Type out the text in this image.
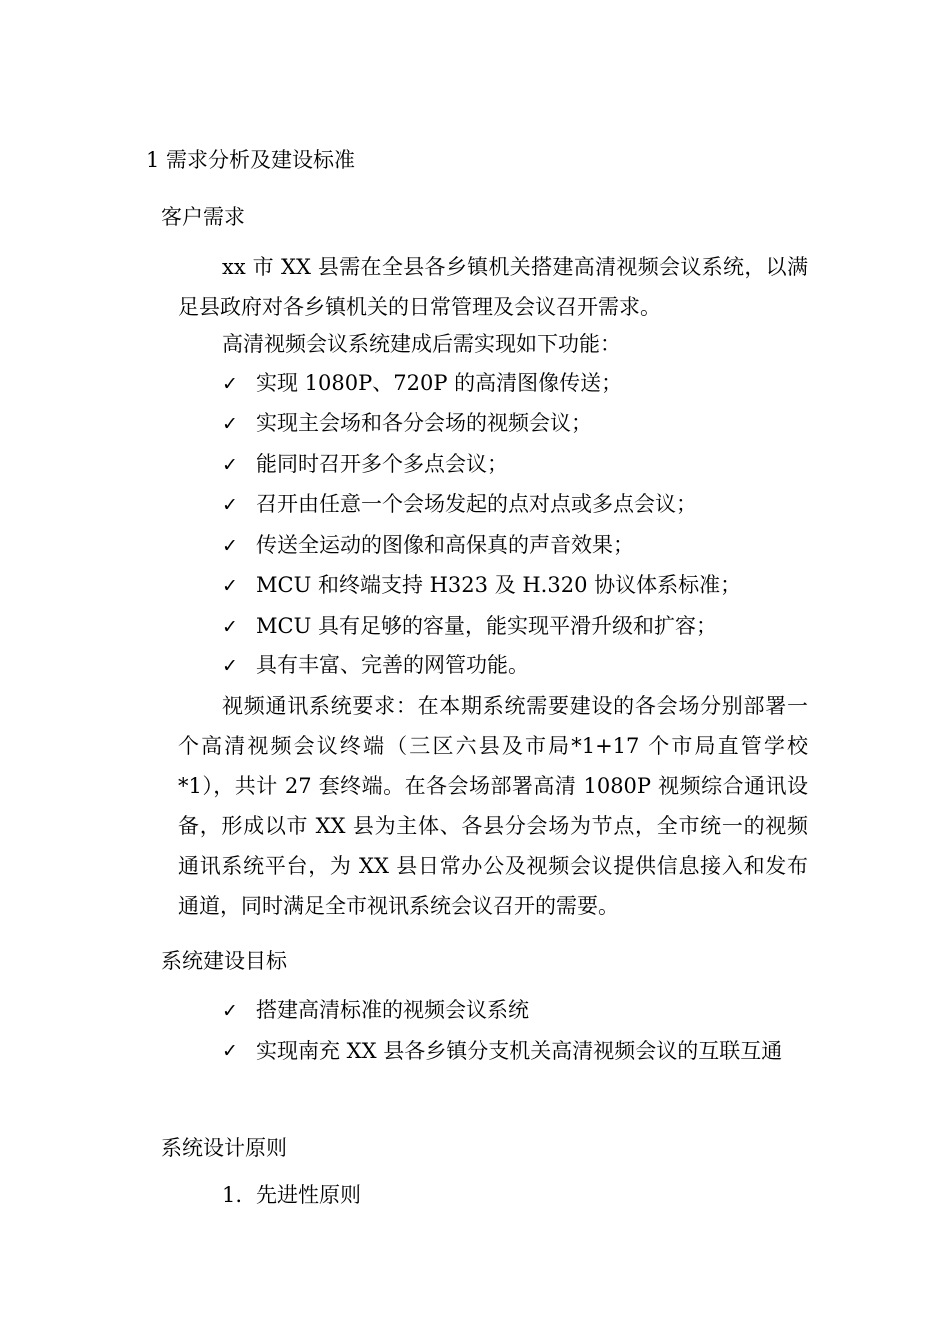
1 需求分析及建设标准
客户需求
xx 市 XX 县需在全县各乡镇机关搭建高清视频会议系统，以满足县政府对各乡镇机关的日常管理及会议召开需求。
高清视频会议系统建成后需实现如下功能：
✓ 实现 1080P、720P 的高清图像传送；
✓ 实现主会场和各分会场的视频会议；
✓ 能同时召开多个多点会议；
✓ 召开由任意一个会场发起的点对点或多点会议；
✓ 传送全运动的图像和高保真的声音效果；
✓ MCU 和终端支持 H323 及 H.320 协议体系标准；
✓ MCU 具有足够的容量，能实现平滑升级和扩容；
✓ 具有丰富、完善的网管功能。
视频通讯系统要求：在本期系统需要建设的各会场分别部署一个高清视频会议终端（三区六县及市局*1+17 个市局直管学校*1），共计 27 套终端。在各会场部署高清 1080P 视频综合通讯设备，形成以市 XX 县为主体、各县分会场为节点，全市统一的视频通讯系统平台，为 XX 县日常办公及视频会议提供信息接入和发布通道，同时满足全市视讯系统会议召开的需要。
系统建设目标
✓ 搭建高清标准的视频会议系统
✓ 实现南充 XX 县各乡镇分支机关高清视频会议的互联互通
系统设计原则
1. 先进性原则
